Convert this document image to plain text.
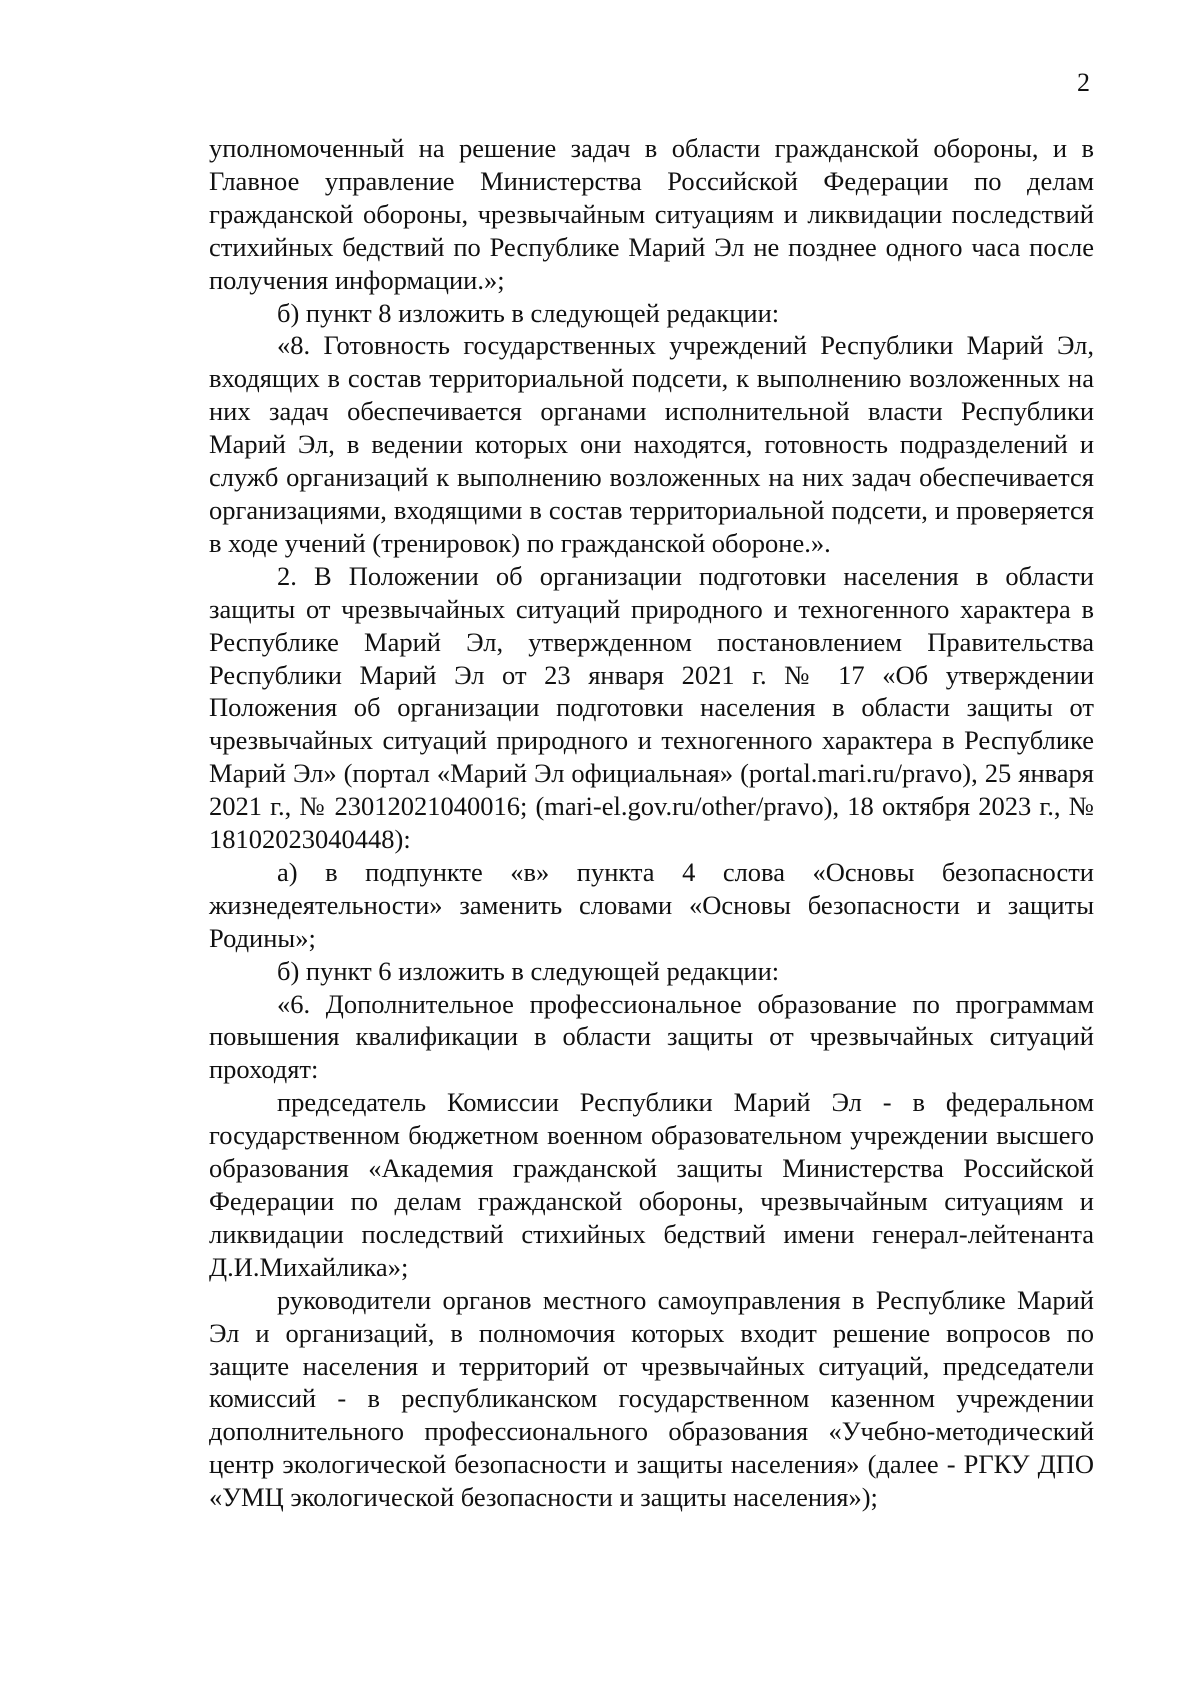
2

уполномоченный на решение задач в области гражданской обороны, и в Главное управление Министерства Российской Федерации по делам гражданской обороны, чрезвычайным ситуациям и ликвидации последствий стихийных бедствий по Республике Марий Эл не позднее одного часа после получения информации.»;

б) пункт 8 изложить в следующей редакции:

«8. Готовность государственных учреждений Республики Марий Эл, входящих в состав территориальной подсети, к выполнению возложенных на них задач обеспечивается органами исполнительной власти Республики Марий Эл, в ведении которых они находятся, готовность подразделений и служб организаций к выполнению возложенных на них задач обеспечивается организациями, входящими в состав территориальной подсети, и проверяется в ходе учений (тренировок) по гражданской обороне.».

2. В Положении об организации подготовки населения в области защиты от чрезвычайных ситуаций природного и техногенного характера в Республике Марий Эл, утвержденном постановлением Правительства Республики Марий Эл от 23 января 2021 г. № 17 «Об утверждении Положения об организации подготовки населения в области защиты от чрезвычайных ситуаций природного и техногенного характера в Республике Марий Эл» (портал «Марий Эл официальная» (portal.mari.ru/pravo), 25 января 2021 г., № 23012021040016; (mari-el.gov.ru/other/pravo), 18 октября 2023 г., № 18102023040448):

а) в подпункте «в» пункта 4 слова «Основы безопасности жизнедеятельности» заменить словами «Основы безопасности и защиты Родины»;

б) пункт 6 изложить в следующей редакции:

«6. Дополнительное профессиональное образование по программам повышения квалификации в области защиты от чрезвычайных ситуаций проходят:

председатель Комиссии Республики Марий Эл - в федеральном государственном бюджетном военном образовательном учреждении высшего образования «Академия гражданской защиты Министерства Российской Федерации по делам гражданской обороны, чрезвычайным ситуациям и ликвидации последствий стихийных бедствий имени генерал-лейтенанта Д.И.Михайлика»;

руководители органов местного самоуправления в Республике Марий Эл и организаций, в полномочия которых входит решение вопросов по защите населения и территорий от чрезвычайных ситуаций, председатели комиссий - в республиканском государственном казенном учреждении дополнительного профессионального образования «Учебно-методический центр экологической безопасности и защиты населения» (далее - РГКУ ДПО «УМЦ экологической безопасности и защиты населения»);
